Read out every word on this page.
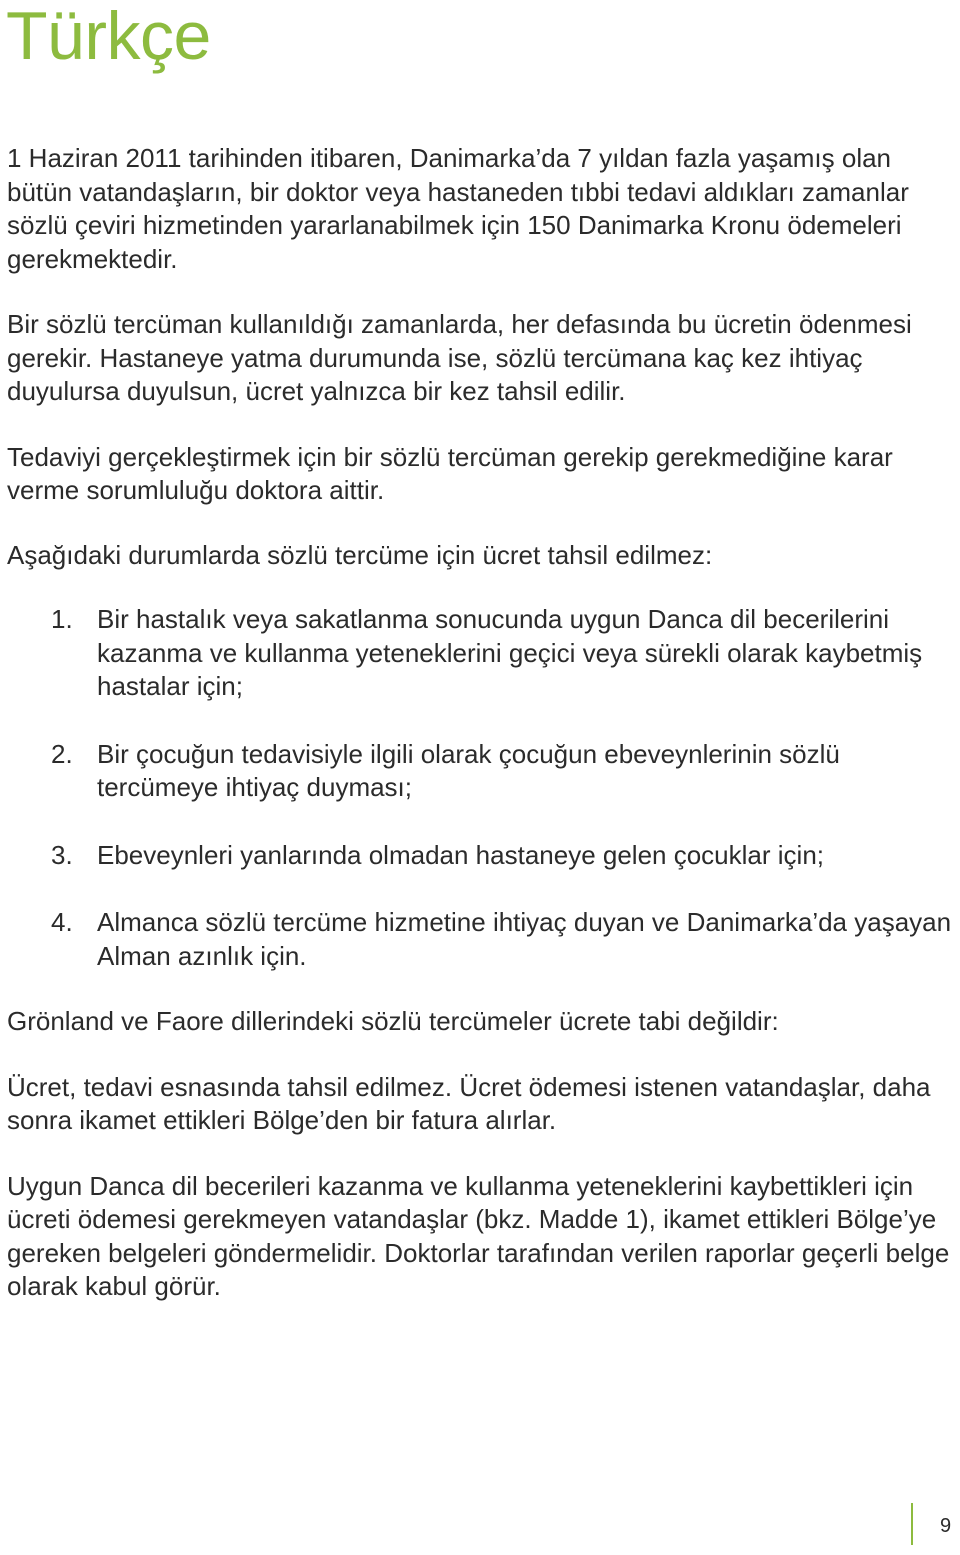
Türkçe

1 Haziran 2011 tarihinden itibaren, Danimarka’da 7 yıldan fazla yaşamış olan bütün vatandaşların, bir doktor veya hastaneden tıbbi tedavi aldıkları zamanlar sözlü çeviri hizmetinden yararlanabilmek için 150 Danimarka Kronu ödemeleri gerekmektedir.

Bir sözlü tercüman kullanıldığı zamanlarda, her defasında bu ücretin ödenmesi gerekir. Hastaneye yatma durumunda ise, sözlü tercümana kaç kez ihtiyaç duyulursa duyulsun, ücret yalnızca bir kez tahsil edilir.

Tedaviyi gerçekleştirmek için bir sözlü tercüman gerekip gerekmediğine karar verme sorumluluğu doktora aittir.

Aşağıdaki durumlarda sözlü tercüme için ücret tahsil edilmez:

1. Bir hastalık veya sakatlanma sonucunda uygun Danca dil becerilerini kazanma ve kullanma yeteneklerini geçici veya sürekli olarak kaybetmiş hastalar için;
2. Bir çocuğun tedavisiyle ilgili olarak çocuğun ebeveynlerinin sözlü tercümeye ihtiyaç duyması;
3. Ebeveynleri yanlarında olmadan hastaneye gelen çocuklar için;
4. Almanca sözlü tercüme hizmetine ihtiyaç duyan ve Danimarka’da yaşayan Alman azınlık için.

Grönland ve Faore dillerindeki sözlü tercümeler ücrete tabi değildir:

Ücret, tedavi esnasında tahsil edilmez. Ücret ödemesi istenen vatandaşlar, daha sonra ikamet ettikleri Bölge’den bir fatura alırlar.

Uygun Danca dil becerileri kazanma ve kullanma yeteneklerini kaybettikleri için ücreti ödemesi gerekmeyen vatandaşlar (bkz. Madde 1), ikamet ettikleri Bölge’ye gereken belgeleri göndermelidir. Doktorlar tarafından verilen raporlar geçerli belge olarak kabul görür.

9
